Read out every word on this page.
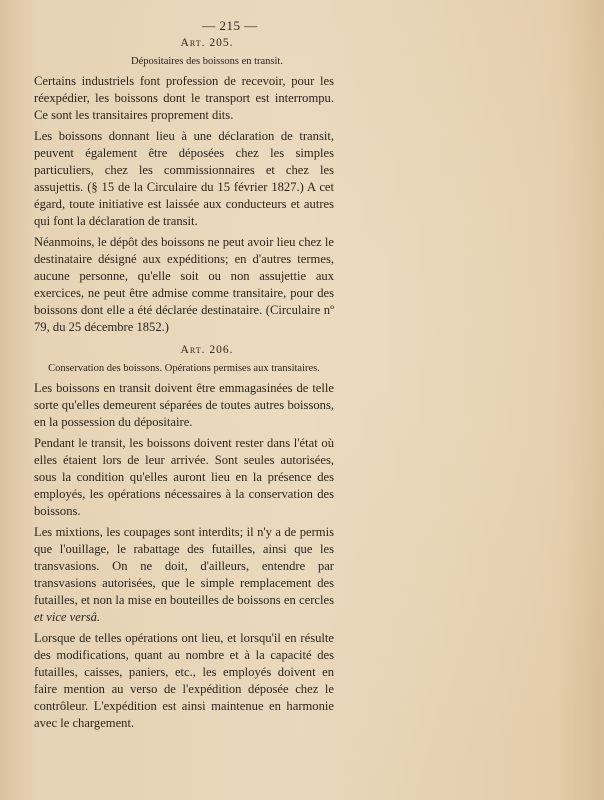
— 215 —
Art. 205.
Dépositaires des boissons en transit.

Certains industriels font profession de recevoir, pour les réexpédier, les boissons dont le transport est interrompu. Ce sont les transitaires proprement dits.

Les boissons donnant lieu à une déclaration de transit, peuvent également être déposées chez les simples particuliers, chez les commissionnaires et chez les assujettis. (§ 15 de la Circulaire du 15 février 1827.) A cet égard, toute initiative est laissée aux conducteurs et autres qui font la déclaration de transit.

Néanmoins, le dépôt des boissons ne peut avoir lieu chez le destinataire désigné aux expéditions; en d'autres termes, aucune personne, qu'elle soit ou non assujettie aux exercices, ne peut être admise comme transitaire, pour des boissons dont elle a été déclarée destinataire. (Circulaire nº 79, du 25 décembre 1852.)

Art. 206.
Conservation des boissons. Opérations permises aux transitaires.

Les boissons en transit doivent être emmagasinées de telle sorte qu'elles demeurent séparées de toutes autres boissons, en la possession du dépositaire.

Pendant le transit, les boissons doivent rester dans l'état où elles étaient lors de leur arrivée. Sont seules autorisées, sous la condition qu'elles auront lieu en la présence des employés, les opérations nécessaires à la conservation des boissons.

Les mixtions, les coupages sont interdits; il n'y a de permis que l'ouillage, le rabattage des futailles, ainsi que les transvasions. On ne doit, d'ailleurs, entendre par transvasions autorisées, que le simple remplacement des futailles, et non la mise en bouteilles de boissons en cercles et vice versâ.

Lorsque de telles opérations ont lieu, et lorsqu'il en résulte des modifications, quant au nombre et à la capacité des futailles, caisses, paniers, etc., les employés doivent en faire mention au verso de l'expédition déposée chez le contrôleur. L'expédition est ainsi maintenue en harmonie avec le chargement.
